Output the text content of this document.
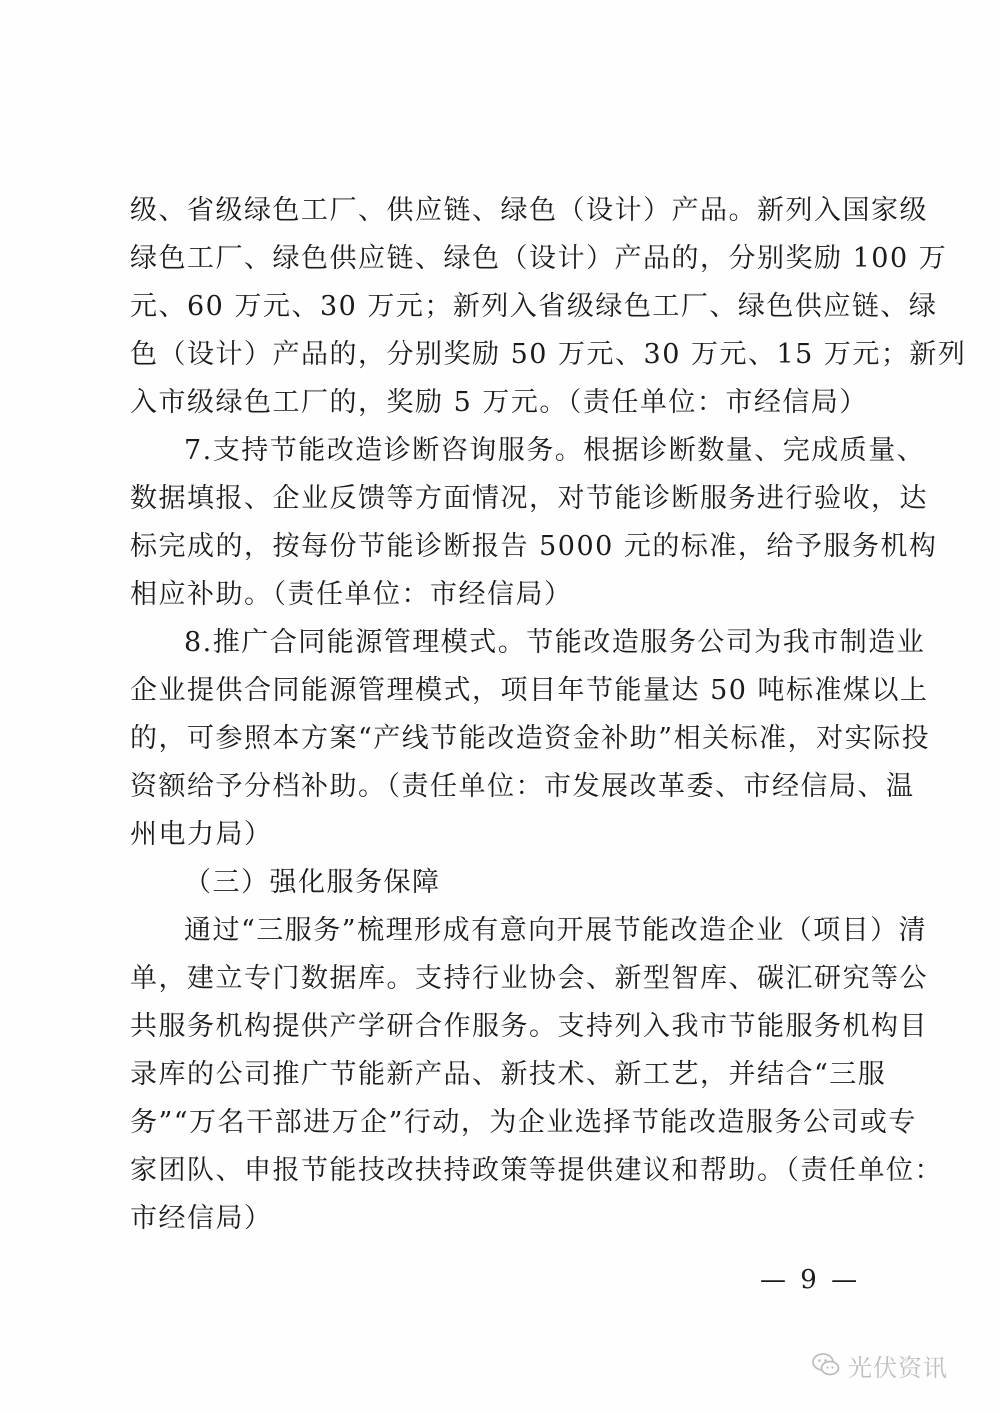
级、省级绿色工厂、供应链、绿色（设计）产品。新列入国家级
绿色工厂、绿色供应链、绿色（设计）产品的，分别奖励 100 万
元、60 万元、30 万元；新列入省级绿色工厂、绿色供应链、绿
色（设计）产品的，分别奖励 50 万元、30 万元、15 万元；新列
入市级绿色工厂的，奖励 5 万元。（责任单位：市经信局）
7.支持节能改造诊断咨询服务。根据诊断数量、完成质量、
数据填报、企业反馈等方面情况，对节能诊断服务进行验收，达
标完成的，按每份节能诊断报告 5000 元的标准，给予服务机构
相应补助。（责任单位：市经信局）
8.推广合同能源管理模式。节能改造服务公司为我市制造业
企业提供合同能源管理模式，项目年节能量达 50 吨标准煤以上
的，可参照本方案“产线节能改造资金补助”相关标准，对实际投
资额给予分档补助。（责任单位：市发展改革委、市经信局、温
州电力局）
（三）强化服务保障
通过“三服务”梳理形成有意向开展节能改造企业（项目）清
单，建立专门数据库。支持行业协会、新型智库、碳汇研究等公
共服务机构提供产学研合作服务。支持列入我市节能服务机构目
录库的公司推广节能新产品、新技术、新工艺，并结合“三服
务”“万名干部进万企”行动，为企业选择节能改造服务公司或专
家团队、申报节能技改扶持政策等提供建议和帮助。（责任单位：
市经信局）
— 9 —
光伏资讯
